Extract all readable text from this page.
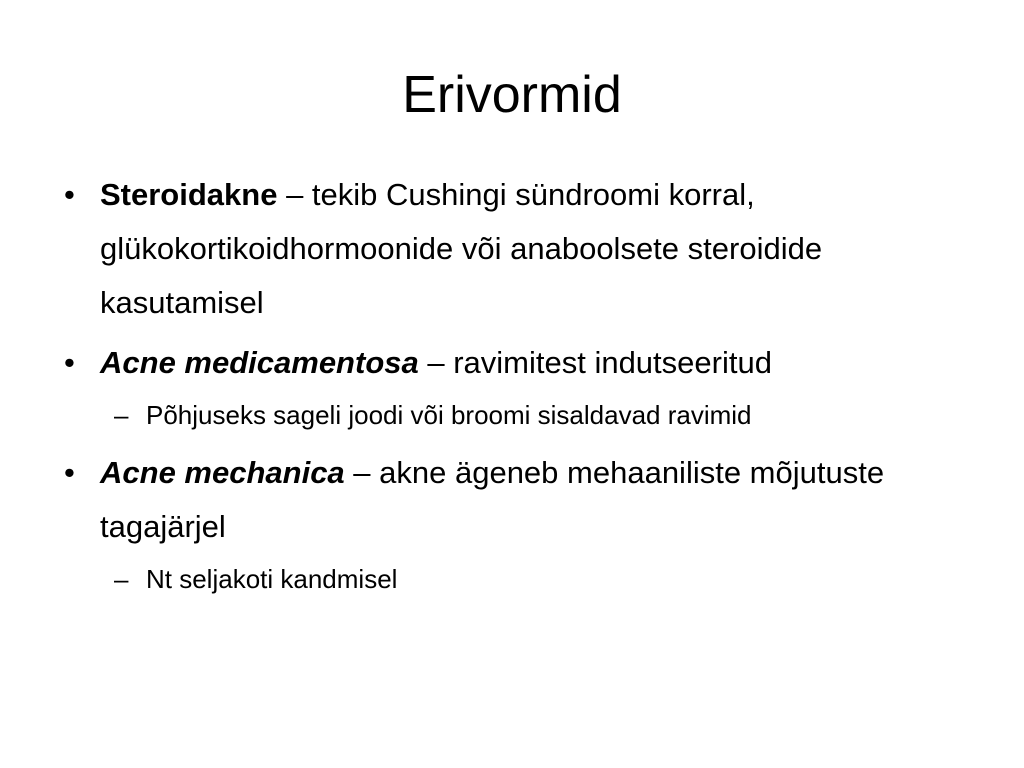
Erivormid
• Steroidakne – tekib Cushingi sündroomi korral, glükokortikoidhormoonide või anaboolsete steroidide kasutamisel
• Acne medicamentosa – ravimitest indutseeritud
– Põhjuseks sageli joodi või broomi sisaldavad ravimid
• Acne mechanica – akne ägeneb mehaaniliste mõjutuste tagajärjel
– Nt seljakoti kandmisel
